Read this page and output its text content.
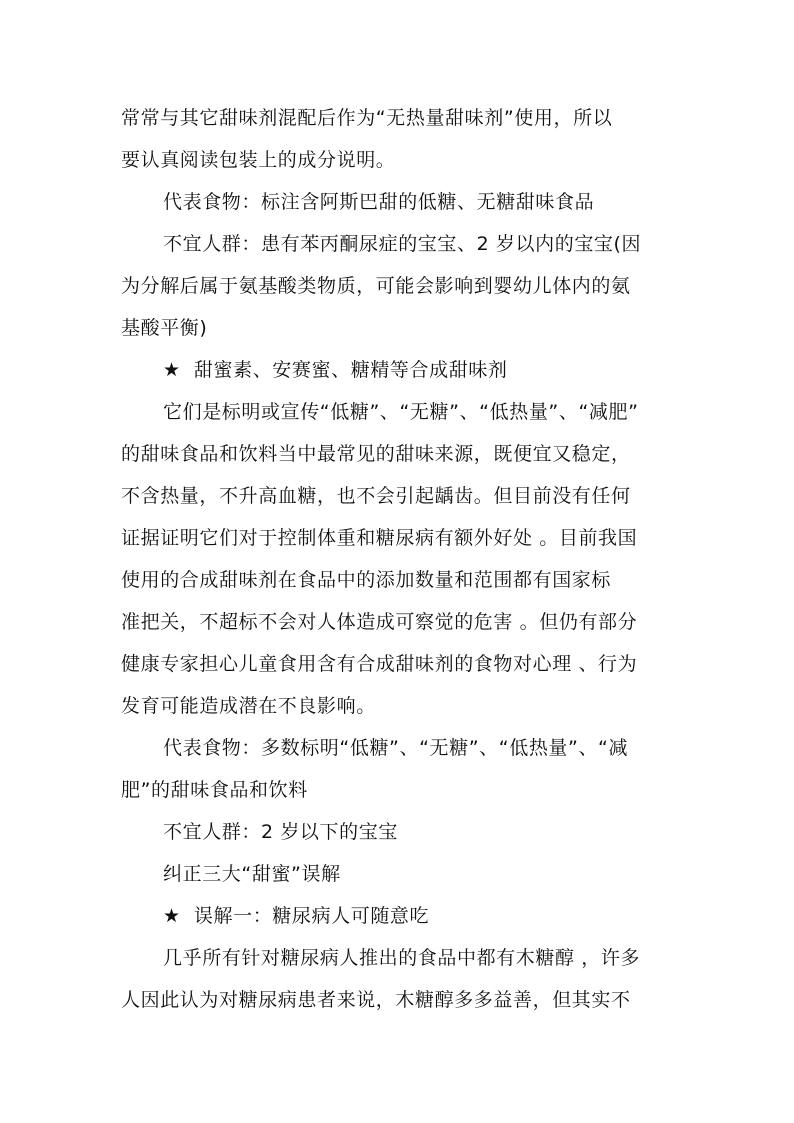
常常与其它甜味剂混配后作为“无热量甜味剂”使用，所以
要认真阅读包装上的成分说明。
代表食物：标注含阿斯巴甜的低糖、无糖甜味食品
不宜人群：患有苯丙酮尿症的宝宝、2 岁以内的宝宝(因
为分解后属于氨基酸类物质，可能会影响到婴幼儿体内的氨
基酸平衡)
★  甜蜜素、安赛蜜、糖精等合成甜味剂
它们是标明或宣传“低糖”、“无糖”、“低热量”、“减肥”
的甜味食品和饮料当中最常见的甜味来源，既便宜又稳定，
不含热量，不升高血糖，也不会引起龋齿。但目前没有任何
证据证明它们对于控制体重和糖尿病有额外好处 。目前我国
使用的合成甜味剂在食品中的添加数量和范围都有国家标
准把关，不超标不会对人体造成可察觉的危害 。但仍有部分
健康专家担心儿童食用含有合成甜味剂的食物对心理 、行为
发育可能造成潜在不良影响。
代表食物：多数标明“低糖”、“无糖”、“低热量”、“减
肥”的甜味食品和饮料
不宜人群：2 岁以下的宝宝
纠正三大“甜蜜”误解
★  误解一：糖尿病人可随意吃
几乎所有针对糖尿病人推出的食品中都有木糖醇 ，许多
人因此认为对糖尿病患者来说，木糖醇多多益善，但其实不
